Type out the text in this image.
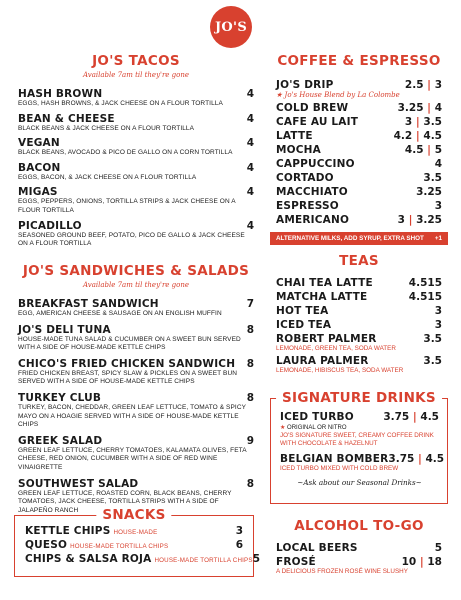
JO'S
JO'S TACOS
Available 7am til they're gone
HASH BROWN	4
EGGS, HASH BROWNS, & JACK CHEESE ON A FLOUR TORTILLA
BEAN & CHEESE	4
BLACK BEANS & JACK CHEESE ON A FLOUR TORTILLA
VEGAN	4
BLACK BEANS, AVOCADO & PICO DE GALLO ON A CORN TORTILLA
BACON	4
EGGS, BACON, & JACK CHEESE ON A FLOUR TORTILLA
MIGAS	4
EGGS, PEPPERS, ONIONS, TORTILLA STRIPS & JACK CHEESE ON A FLOUR TORTILLA
PICADILLO	4
SEASONED GROUND BEEF, POTATO, PICO DE GALLO & JACK CHEESE ON A FLOUR TORTILLA
JO'S SANDWICHES & SALADS
Available 7am til they're gone
BREAKFAST SANDWICH	7
EGG, AMERICAN CHEESE & SAUSAGE ON AN ENGLISH MUFFIN
JO'S DELI TUNA	8
HOUSE-MADE TUNA SALAD & CUCUMBER ON A SWEET BUN SERVED WITH A SIDE OF HOUSE-MADE KETTLE CHIPS
CHICO'S FRIED CHICKEN SANDWICH 8
FRIED CHICKEN BREAST, SPICY SLAW & PICKLES ON A SWEET BUN SERVED WITH A SIDE OF HOUSE-MADE KETTLE CHIPS
TURKEY CLUB	8
TURKEY, BACON, CHEDDAR, GREEN LEAF LETTUCE, TOMATO & SPICY MAYO ON A HOAGIE SERVED WITH A SIDE OF HOUSE-MADE KETTLE CHIPS
GREEK SALAD	9
GREEN LEAF LETTUCE, CHERRY TOMATOES, KALAMATA OLIVES, FETA CHEESE, RED ONION, CUCUMBER WITH A SIDE OF RED WINE VINAIGRETTE
SOUTHWEST SALAD	8
GREEN LEAF LETTUCE, ROASTED CORN, BLACK BEANS, CHERRY TOMATOES, JACK CHEESE, TORTILLA STRIPS WITH A SIDE OF JALAPEÑO RANCH	SNACKS
KETTLE CHIPS HOUSE-MADE	3
QUESO HOUSE-MADE TORTILLA CHIPS	6
CHIPS & SALSA ROJA HOUSE-MADE TORTILLA CHIPS 5
COFFEE & ESPRESSO
JO'S DRIP	2.5 | 3
★ Jo's House Blend by La Colombe
COLD BREW	3.25 | 4
CAFE AU LAIT	3 | 3.5
LATTE	4.2 | 4.5
MOCHA	4.5 | 5
CAPPUCCINO	4
CORTADO	3.5
MACCHIATO	3.25
ESPRESSO	3
AMERICANO	3 | 3.25
ALTERNATIVE MILKS, ADD SYRUP, EXTRA SHOT +1
TEAS
CHAI TEA LATTE	4.515
MATCHA LATTE	4.515
HOT TEA	3
ICED TEA	3
ROBERT PALMER	3.5
LEMONADE, GREEN TEA, SODA WATER
LAURA PALMER	3.5
LEMONADE, HIBISCUS TEA, SODA WATER
SIGNATURE DRINKS
ICED TURBO	3.75 | 4.5
★ ORIGINAL OR NITRO
JO'S SIGNATURE SWEET, CREAMY COFFEE DRINK WITH CHOCOLATE & HAZELNUT
BELGIAN BOMBER 3.75 | 4.5
ICED TURBO MIXED WITH COLD BREW
~Ask about our Seasonal Drinks~
ALCOHOL TO-GO
LOCAL BEERS	5
FROSÉ	10 | 18
A DELICIOUS FROZEN ROSÉ WINE SLUSHY
